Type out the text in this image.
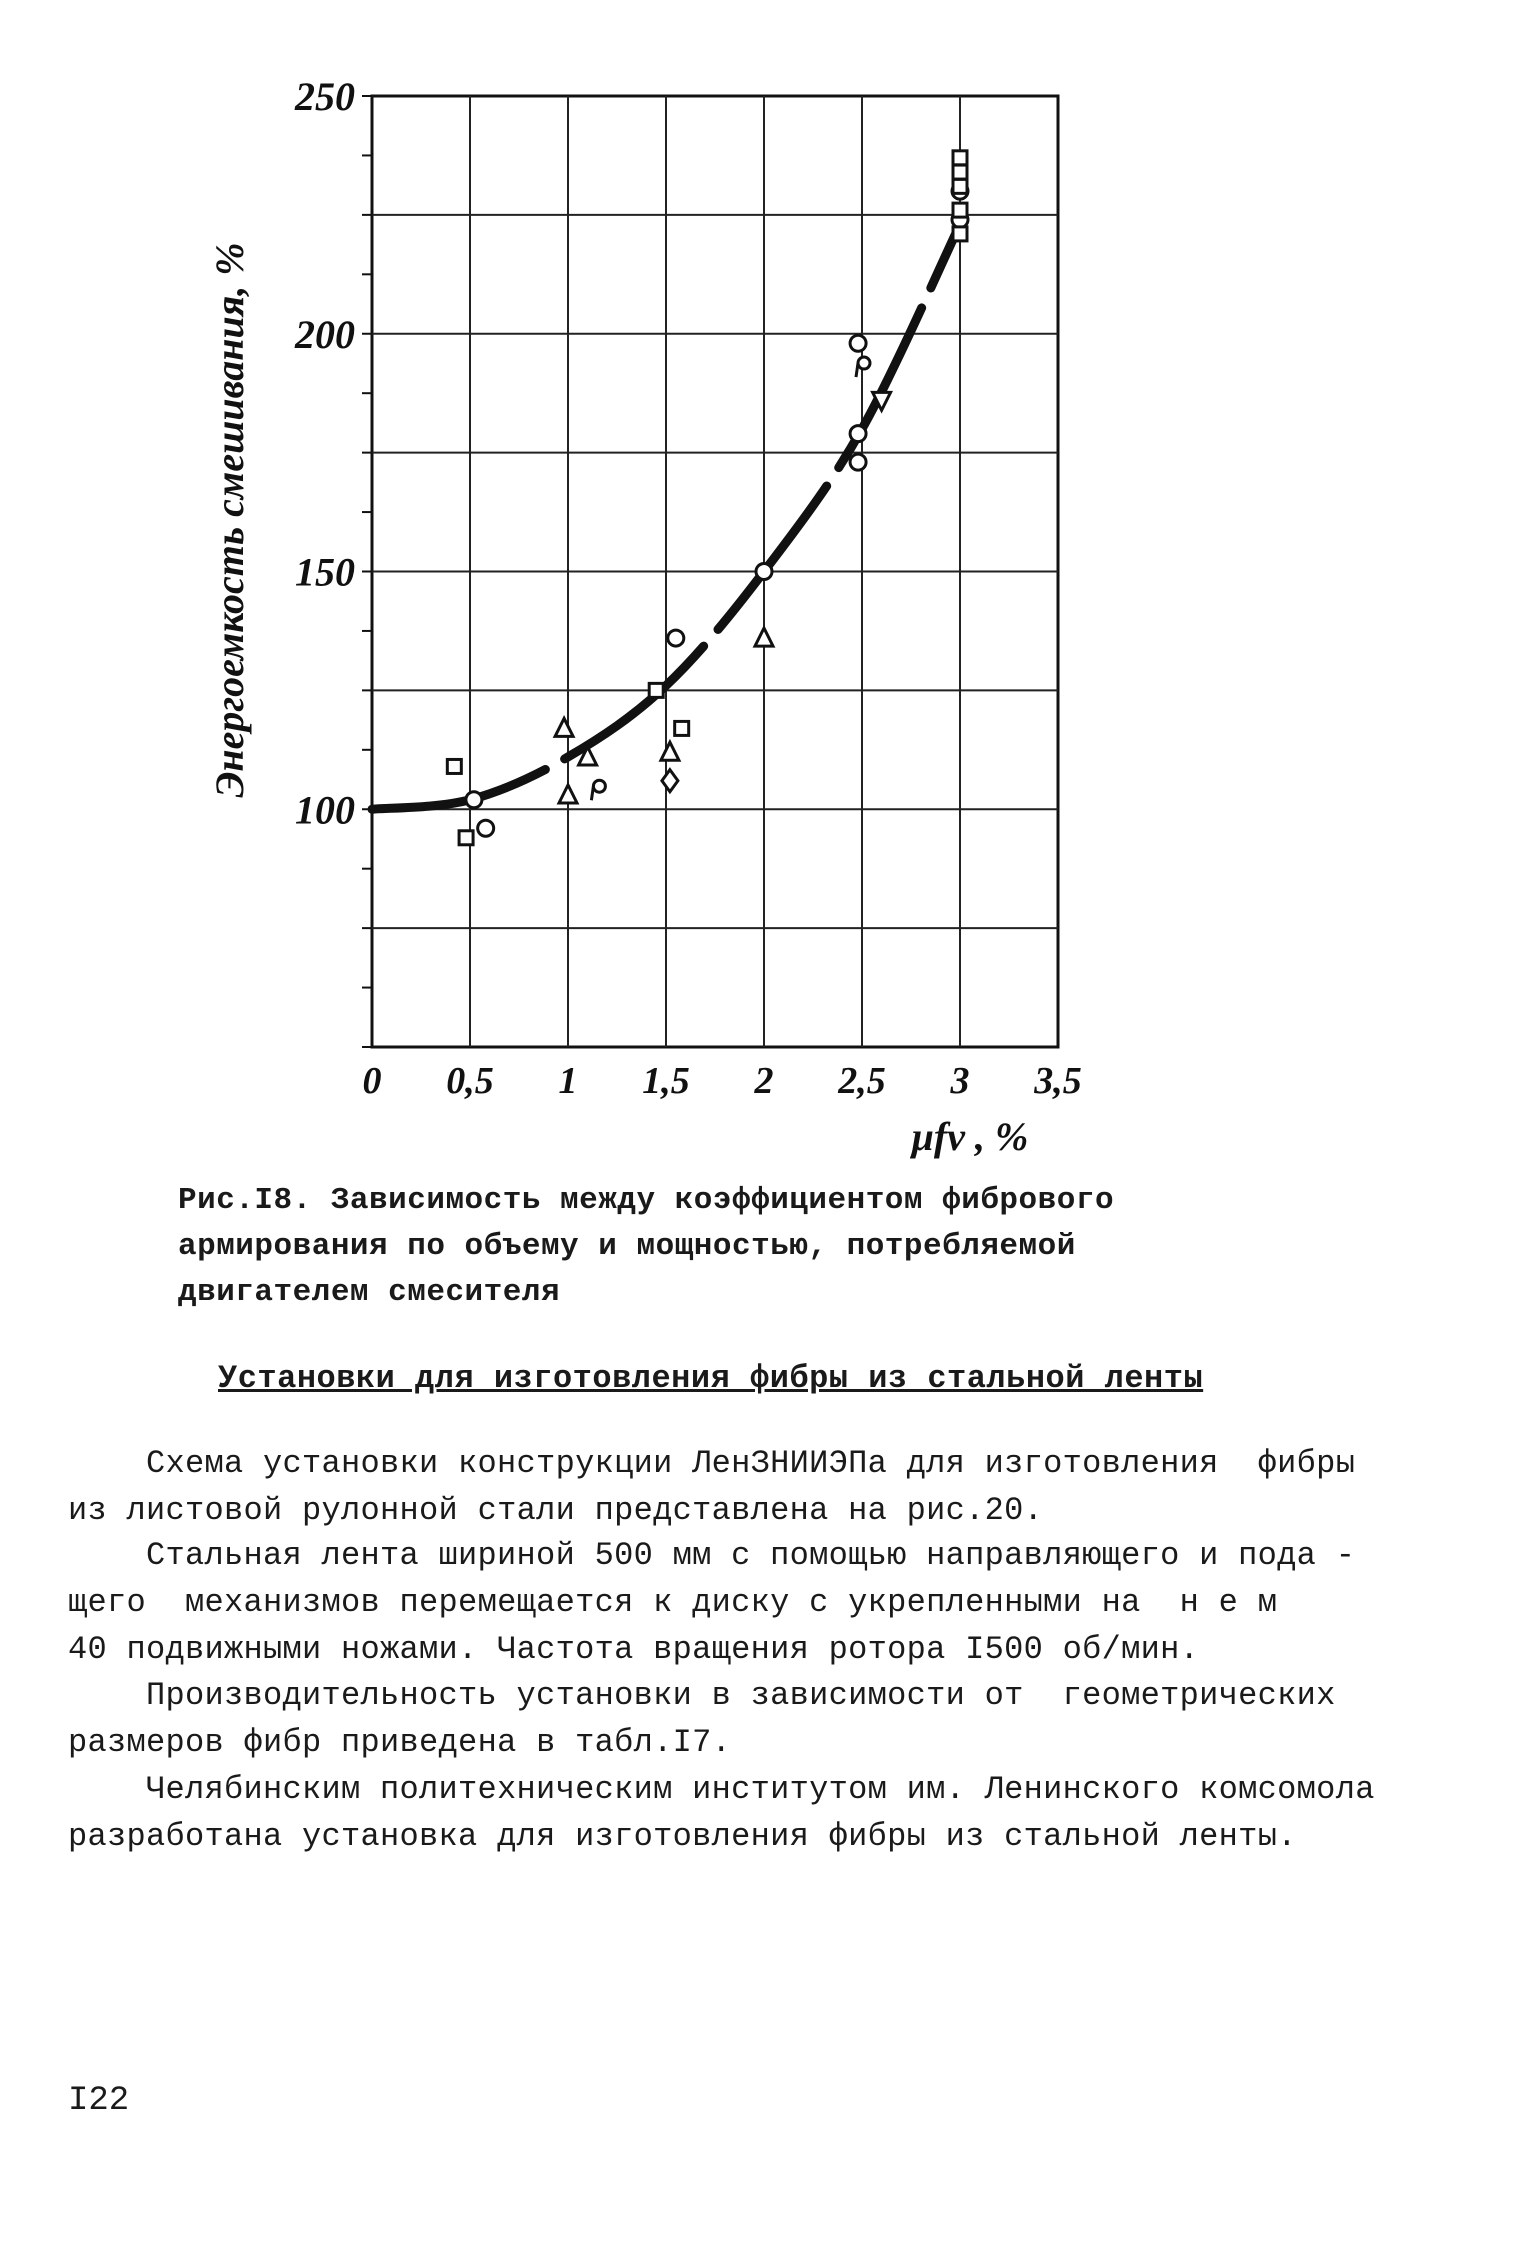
0 0,5 1 1,5 2 2,5 3 3,5
100
150
200
250
Энергоемкость смешивания, %
μfv , %

Рис.I8. Зависимость между коэффициентом фибрового

армирования по объему и мощностью, потребляемой

двигателем смесителя

Установки для изготовления фибры из стальной ленты
Схема установки конструкции ЛенЗНИИЭПа для изготовления  фибры
из листовой рулонной стали представлена на рис.20.
Стальная лента шириной 500 мм с помощью направляющего и пода -
щего  механизмов перемещается к диску с укрепленными на  н е м
40 подвижными ножами. Частота вращения ротора I500 об/мин.
Производительность установки в зависимости от  геометрических
размеров фибр приведена в табл.I7.
Челябинским политехническим институтом им. Ленинского комсомола
разработана установка для изготовления фибры из стальной ленты.
I22
